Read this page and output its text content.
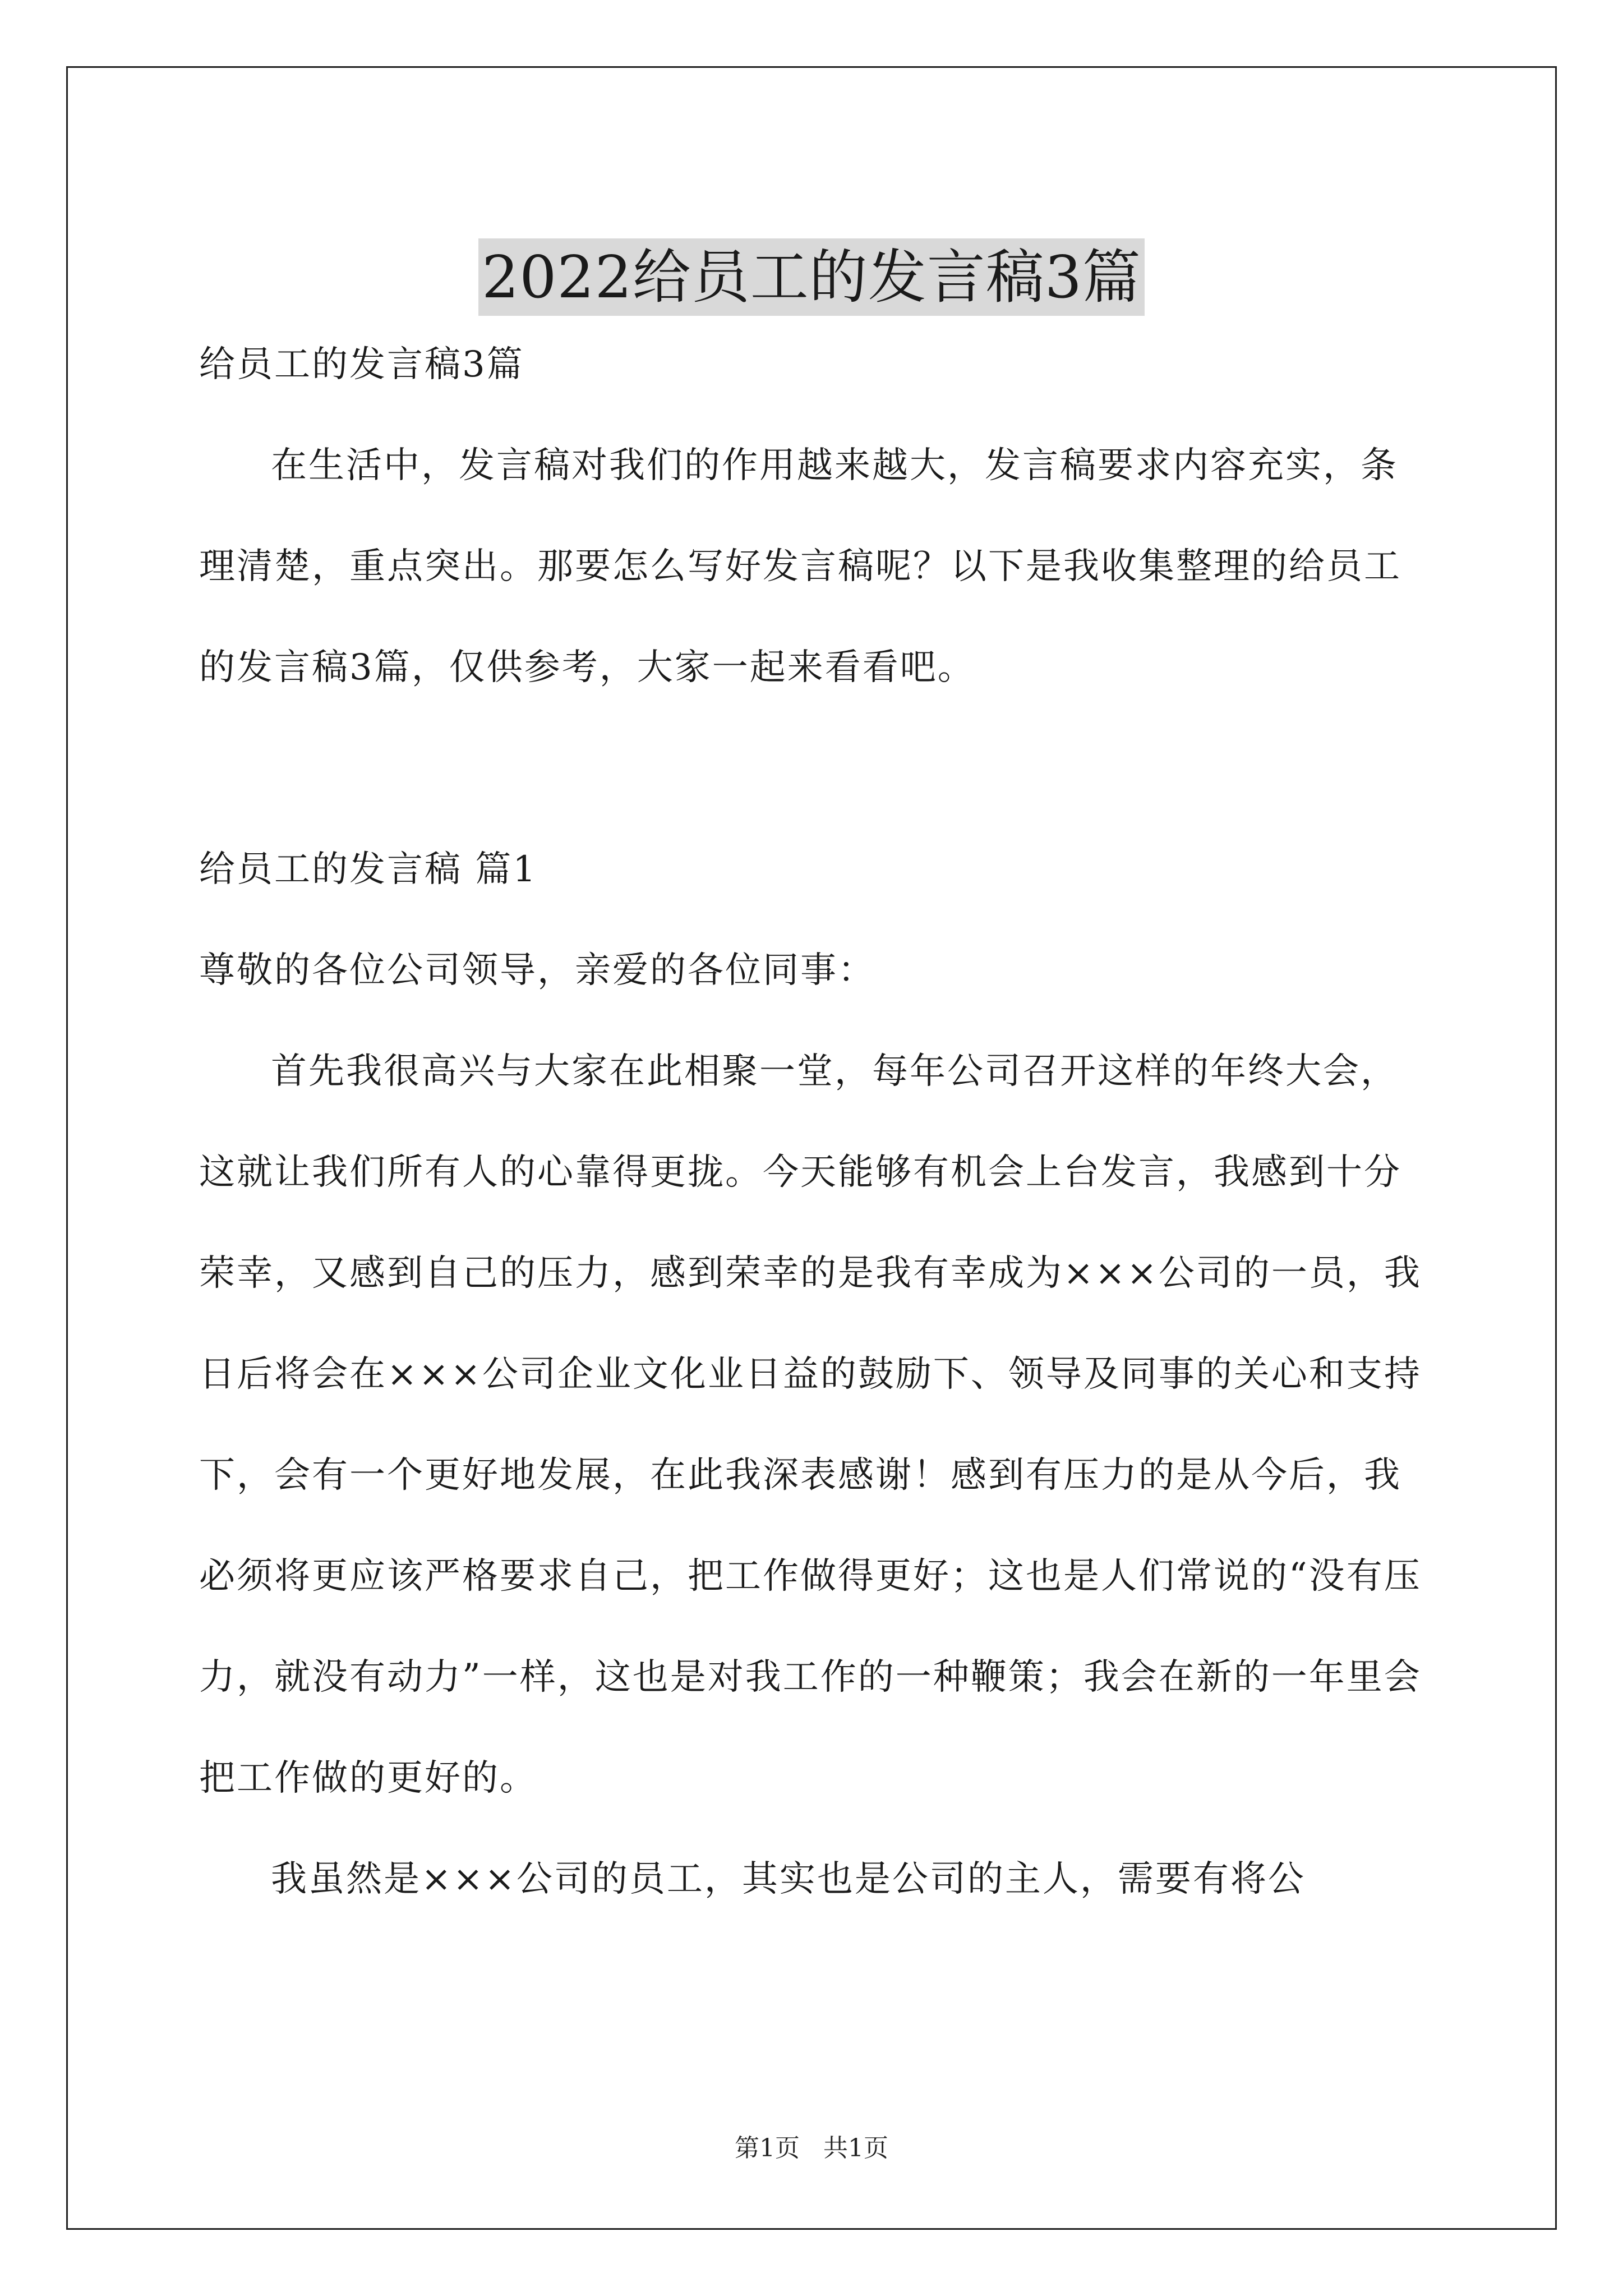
2022给员工的发言稿3篇

给员工的发言稿3篇

在生活中，发言稿对我们的作用越来越大，发言稿要求内容充实，条理清楚，重点突出。那要怎么写好发言稿呢？以下是我收集整理的给员工的发言稿3篇，仅供参考，大家一起来看看吧。

给员工的发言稿 篇1

尊敬的各位公司领导，亲爱的各位同事：

首先我很高兴与大家在此相聚一堂，每年公司召开这样的年终大会，这就让我们所有人的心靠得更拢。今天能够有机会上台发言，我感到十分荣幸，又感到自己的压力，感到荣幸的是我有幸成为×××公司的一员，我日后将会在×××公司企业文化业日益的鼓励下、领导及同事的关心和支持下，会有一个更好地发展，在此我深表感谢！感到有压力的是从今后，我必须将更应该严格要求自己，把工作做得更好；这也是人们常说的“没有压力，就没有动力”一样，这也是对我工作的一种鞭策；我会在新的一年里会把工作做的更好的。

我虽然是×××公司的员工，其实也是公司的主人，需要有将公

第1页 共1页
